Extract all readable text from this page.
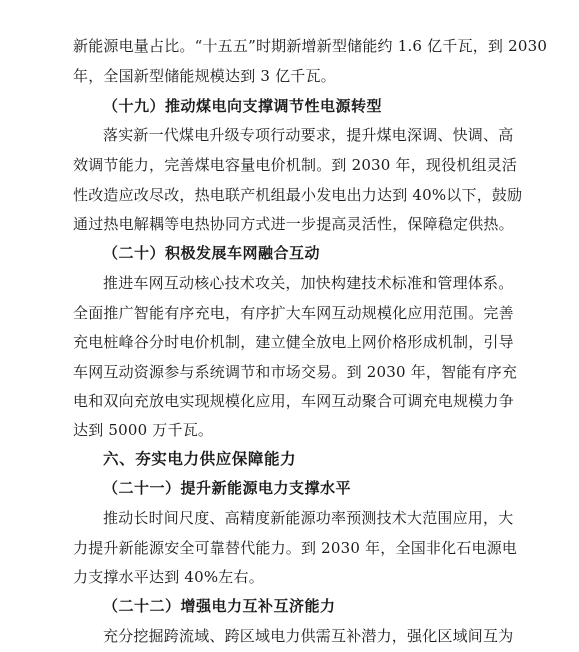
新能源电量占比。“十五五”时期新增新型储能约 1.6 亿千瓦，到 2030
年，全国新型储能规模达到 3 亿千瓦。
（十九）推动煤电向支撑调节性电源转型
落实新一代煤电升级专项行动要求，提升煤电深调、快调、高
效调节能力，完善煤电容量电价机制。到 2030 年，现役机组灵活
性改造应改尽改，热电联产机组最小发电出力达到 40%以下，鼓励
通过热电解耦等电热协同方式进一步提高灵活性，保障稳定供热。
（二十）积极发展车网融合互动
推进车网互动核心技术攻关，加快构建技术标准和管理体系。
全面推广智能有序充电，有序扩大车网互动规模化应用范围。完善
充电桩峰谷分时电价机制，建立健全放电上网价格形成机制，引导
车网互动资源参与系统调节和市场交易。到 2030 年，智能有序充
电和双向充放电实现规模化应用，车网互动聚合可调充电规模力争
达到 5000 万千瓦。
六、夯实电力供应保障能力
（二十一）提升新能源电力支撑水平
推动长时间尺度、高精度新能源功率预测技术大范围应用，大
力提升新能源安全可靠替代能力。到 2030 年，全国非化石电源电
力支撑水平达到 40%左右。
（二十二）增强电力互补互济能力
充分挖掘跨流域、跨区域电力供需互补潜力，强化区域间互为
